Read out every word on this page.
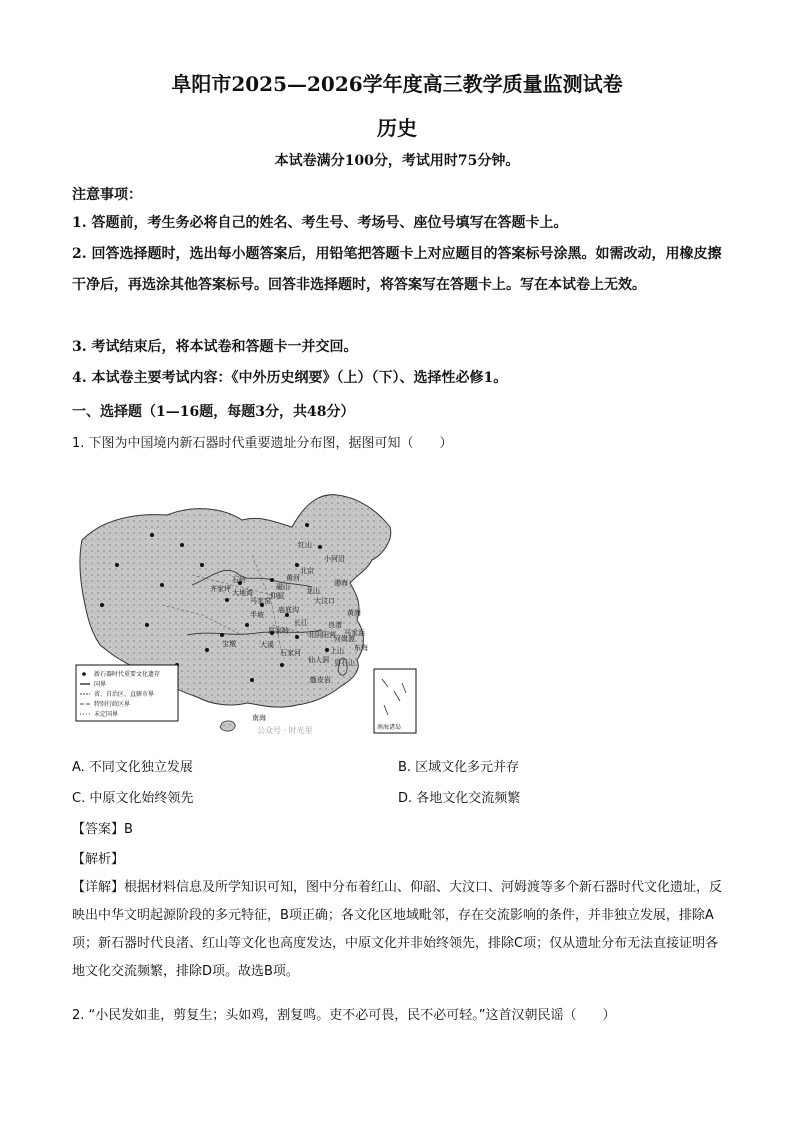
阜阳市2025—2026学年度高三教学质量监测试卷
历史
本试卷满分100分，考试用时75分钟。
注意事项：
1. 答题前，考生务必将自己的姓名、考生号、考场号、座位号填写在答题卡上。
2. 回答选择题时，选出每小题答案后，用铅笔把答题卡上对应题目的答案标号涂黑。如需改动，用橡皮擦干净后，再选涂其他答案标号。回答非选择题时，将答案写在答题卡上。写在本试卷上无效。
3. 考试结束后，将本试卷和答题卡一并交回。
4. 本试卷主要考试内容：《中外历史纲要》（上）（下）、选择性必修1。
一、选择题（1—16题，每题3分，共48分）
1. 下图为中国境内新石器时代重要遗址分布图，据图可知（　　）
红山
小河沿
北京
石岭
大地湾
齐家坪
马家窑
仰韶
磁山 龙山
大汶口
庙底沟
半坡
屈家岭
良渚
河姆渡
马家浜
宝墩	大溪
石家河
仙人洞
甑皮岩
昙石山
北阴阳营
上山
黄河
长江
渤海
黄海
东海
南海
新石器时代重要文化遗存
国界
省、自治区、直辖市界
特别行政区界
未定国界
南海诸岛
公众号 · 时光里
A. 不同文化独立发展	B. 区域文化多元并存
C. 中原文化始终领先	D. 各地文化交流频繁
【答案】B
【解析】
【详解】根据材料信息及所学知识可知，图中分布着红山、仰韶、大汶口、河姆渡等多个新石器时代文化遗址，反映出中华文明起源阶段的多元特征，B项正确；各文化区地域毗邻，存在交流影响的条件，并非独立发展，排除A项；新石器时代良渚、红山等文化也高度发达，中原文化并非始终领先，排除C项；仅从遗址分布无法直接证明各地文化交流频繁，排除D项。故选B项。
2. “小民发如韭，剪复生；头如鸡，割复鸣。吏不必可畏，民不必可轻。”这首汉朝民谣（　　）
